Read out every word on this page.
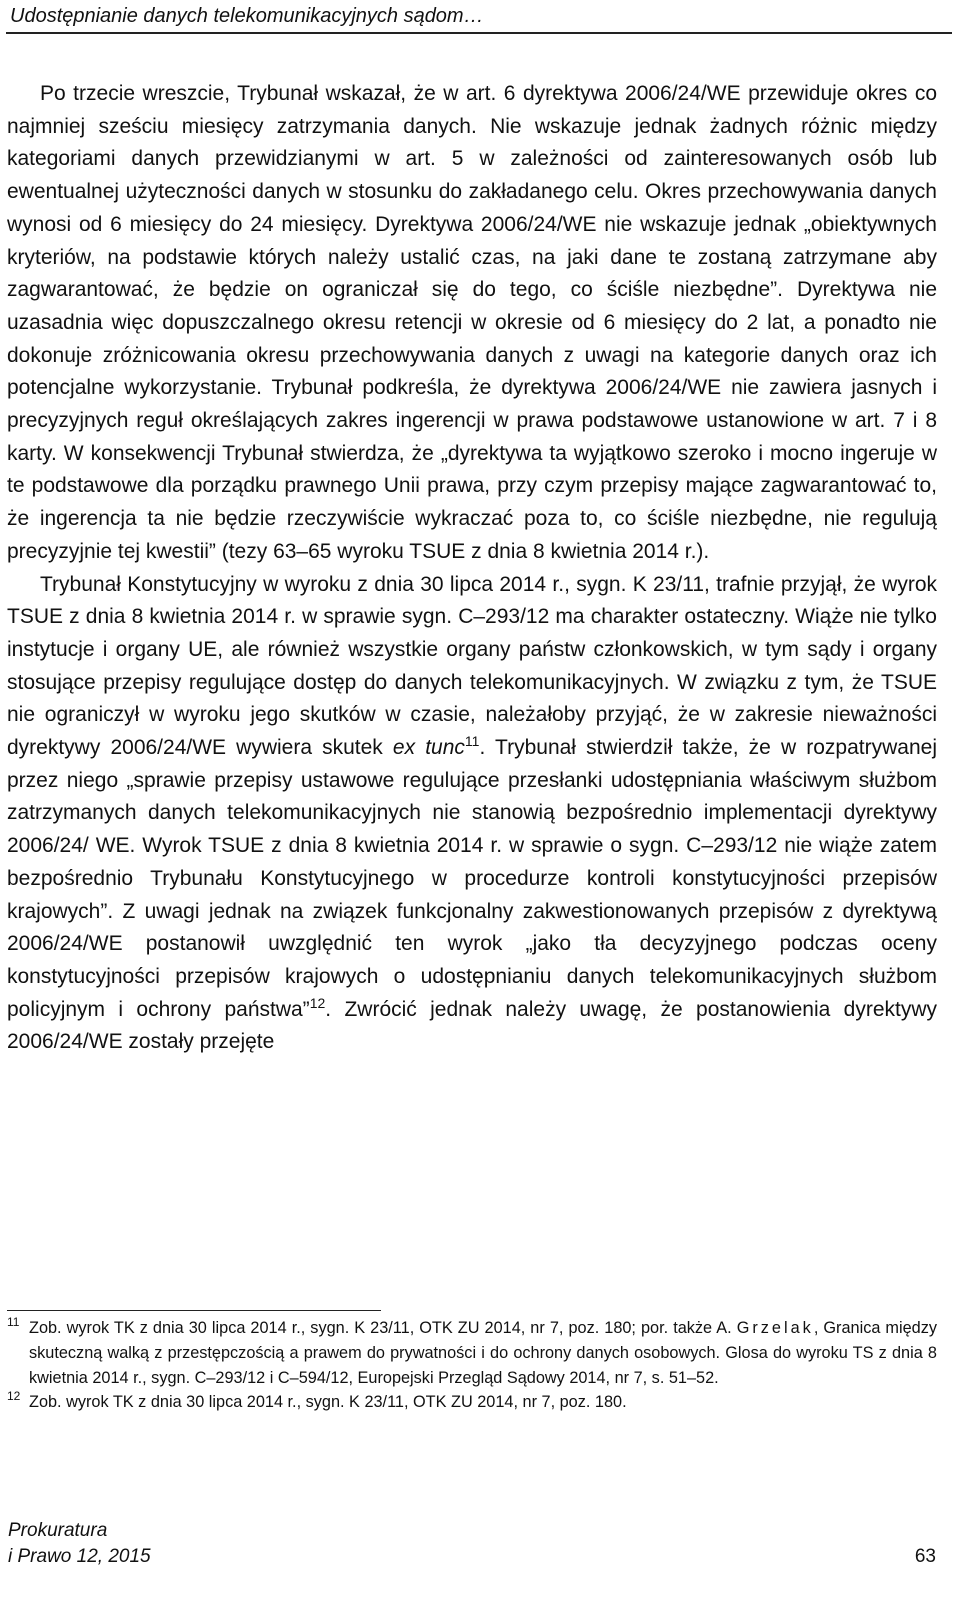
Udostępnianie danych telekomunikacyjnych sądom…

Po trzecie wreszcie, Trybunał wskazał, że w art. 6 dyrektywa 2006/24/WE przewiduje okres co najmniej sześciu miesięcy zatrzymania danych. Nie wskazuje jednak żadnych różnic między kategoriami danych przewidzianymi w art. 5 w zależności od zainteresowanych osób lub ewentualnej użyteczności danych w stosunku do zakładanego celu. Okres przechowywania danych wynosi od 6 miesięcy do 24 miesięcy. Dyrektywa 2006/24/WE nie wskazuje jednak „obiektywnych kryteriów, na podstawie których należy ustalić czas, na jaki dane te zostaną zatrzymane aby zagwarantować, że będzie on ograniczał się do tego, co ściśle niezbędne”. Dyrektywa nie uzasadnia więc dopuszczalnego okresu retencji w okresie od 6 miesięcy do 2 lat, a ponadto nie dokonuje zróżnicowania okresu przechowywania danych z uwagi na kategorie danych oraz ich potencjalne wykorzystanie. Trybunał podkreśla, że dyrektywa 2006/24/WE nie zawiera jasnych i precyzyjnych reguł określających zakres ingerencji w prawa podstawowe ustanowione w art. 7 i 8 karty. W konsekwencji Trybunał stwierdza, że „dyrektywa ta wyjątkowo szeroko i mocno ingeruje w te podstawowe dla porządku prawnego Unii prawa, przy czym przepisy mające zagwarantować to, że ingerencja ta nie będzie rzeczywiście wykraczać poza to, co ściśle niezbędne, nie regulują precyzyjnie tej kwestii” (tezy 63–65 wyroku TSUE z dnia 8 kwietnia 2014 r.).

Trybunał Konstytucyjny w wyroku z dnia 30 lipca 2014 r., sygn. K 23/11, trafnie przyjął, że wyrok TSUE z dnia 8 kwietnia 2014 r. w sprawie sygn. C–293/12 ma charakter ostateczny. Wiąże nie tylko instytucje i organy UE, ale również wszystkie organy państw członkowskich, w tym sądy i organy stosujące przepisy regulujące dostęp do danych telekomunikacyjnych. W związku z tym, że TSUE nie ograniczył w wyroku jego skutków w czasie, należałoby przyjąć, że w zakresie nieważności dyrektywy 2006/24/WE wywiera skutek ex tunc$^{11}$. Trybunał stwierdził także, że w rozpatrywanej przez niego „sprawie przepisy ustawowe regulujące przesłanki udostępniania właściwym służbom zatrzymanych danych telekomunikacyjnych nie stanowią bezpośrednio implementacji dyrektywy 2006/24/ WE. Wyrok TSUE z dnia 8 kwietnia 2014 r. w sprawie o sygn. C–293/12 nie wiąże zatem bezpośrednio Trybunału Konstytucyjnego w procedurze kontroli konstytucyjności przepisów krajowych”. Z uwagi jednak na związek funkcjonalny zakwestionowanych przepisów z dyrektywą 2006/24/WE postanowił uwzględnić ten wyrok „jako tła decyzyjnego podczas oceny konstytucyjności przepisów krajowych o udostępnianiu danych telekomunikacyjnych służbom policyjnym i ochrony państwa”$^{12}$. Zwrócić jednak należy uwagę, że postanowienia dyrektywy 2006/24/WE zostały przejęte

11 Zob. wyrok TK z dnia 30 lipca 2014 r., sygn. K 23/11, OTK ZU 2014, nr 7, poz. 180; por. także A. Grzelak, Granica między skuteczną walką z przestępczością a prawem do prywatności i do ochrony danych osobowych. Glosa do wyroku TS z dnia 8 kwietnia 2014 r., sygn. C–293/12 i C–594/12, Europejski Przegląd Sądowy 2014, nr 7, s. 51–52.

12 Zob. wyrok TK z dnia 30 lipca 2014 r., sygn. K 23/11, OTK ZU 2014, nr 7, poz. 180.

Prokuratura
i Prawo 12, 2015	63
